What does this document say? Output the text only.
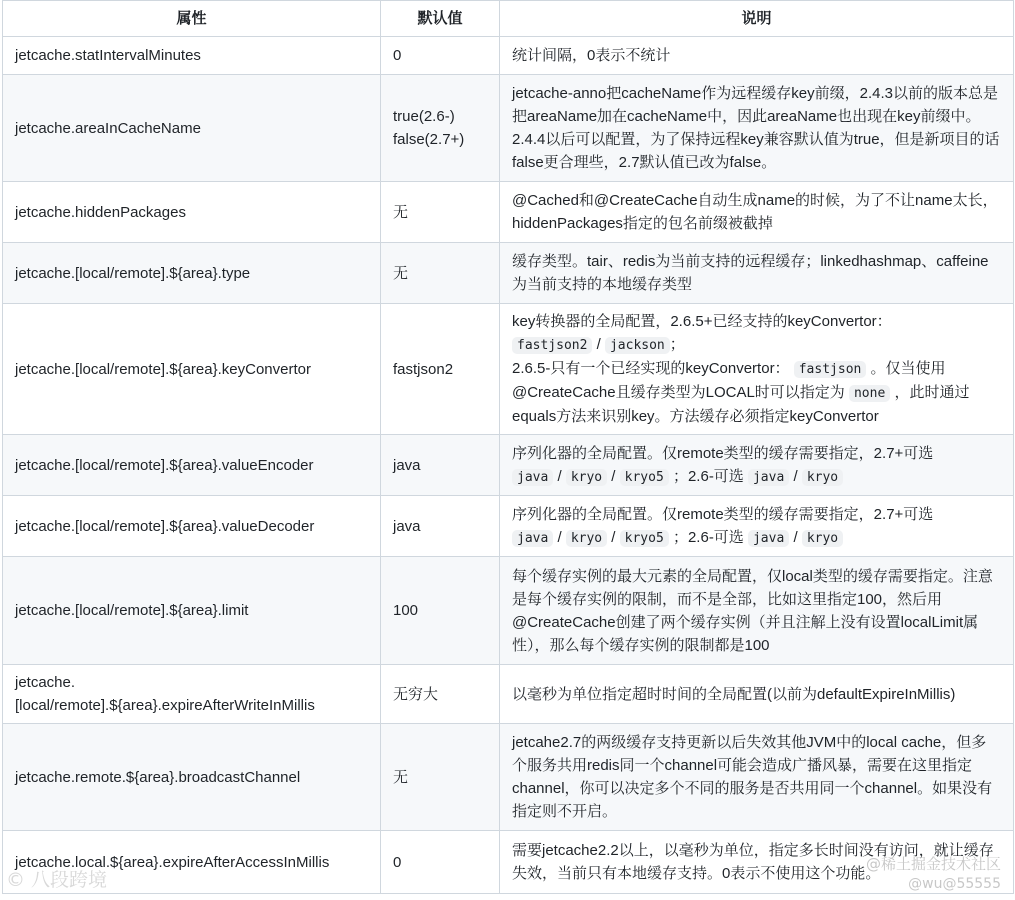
属性	默认值	说明
jetcache.statIntervalMinutes	0	统计间隔，0表示不统计

jetcache.areaInCacheName	true(2.6-)
false(2.7+)	jetcache-anno把cacheName作为远程缓存key前缀，2.4.3以前的版本总是把areaName加在cacheName中，因此areaName也出现在key前缀中。2.4.4以后可以配置，为了保持远程key兼容默认值为true，但是新项目的话false更合理些，2.7默认值已改为false。

jetcache.hiddenPackages	无	@Cached和@CreateCache自动生成name的时候，为了不让name太长，hiddenPackages指定的包名前缀被截掉

jetcache.[local/remote].${area}.type	无	缓存类型。tair、redis为当前支持的远程缓存；linkedhashmap、caffeine为当前支持的本地缓存类型

jetcache.[local/remote].${area}.keyConvertor	fastjson2	key转换器的全局配置，2.6.5+已经支持的keyConvertor：
fastjson2 / jackson ；
2.6.5-只有一个已经实现的keyConvertor： fastjson 。仅当使用@CreateCache且缓存类型为LOCAL时可以指定为 none ，此时通过equals方法来识别key。方法缓存必须指定keyConvertor

jetcache.[local/remote].${area}.valueEncoder	java	序列化器的全局配置。仅remote类型的缓存需要指定，2.7+可选
java / kryo / kryo5 ；2.6-可选 java / kryo

jetcache.[local/remote].${area}.valueDecoder	java	序列化器的全局配置。仅remote类型的缓存需要指定，2.7+可选
java / kryo / kryo5 ；2.6-可选 java / kryo

jetcache.[local/remote].${area}.limit	100	每个缓存实例的最大元素的全局配置，仅local类型的缓存需要指定。注意是每个缓存实例的限制，而不是全部，比如这里指定100，然后用@CreateCache创建了两个缓存实例（并且注解上没有设置localLimit属性），那么每个缓存实例的限制都是100

jetcache.[local/remote].${area}.expireAfterWriteInMillis	无穷大	以毫秒为单位指定超时时间的全局配置(以前为defaultExpireInMillis)

jetcache.remote.${area}.broadcastChannel	无	jetcahe2.7的两级缓存支持更新以后失效其他JVM中的local cache，但多个服务共用redis同一个channel可能会造成广播风暴，需要在这里指定channel，你可以决定多个不同的服务是否共用同一个channel。如果没有指定则不开启。

jetcache.local.${area}.expireAfterAccessInMillis	0	需要jetcache2.2以上，以毫秒为单位，指定多长时间没有访问，就让缓存失效，当前只有本地缓存支持。0表示不使用这个功能。
© 八段跨境
@稀土掘金技术社区
@wu@55555
